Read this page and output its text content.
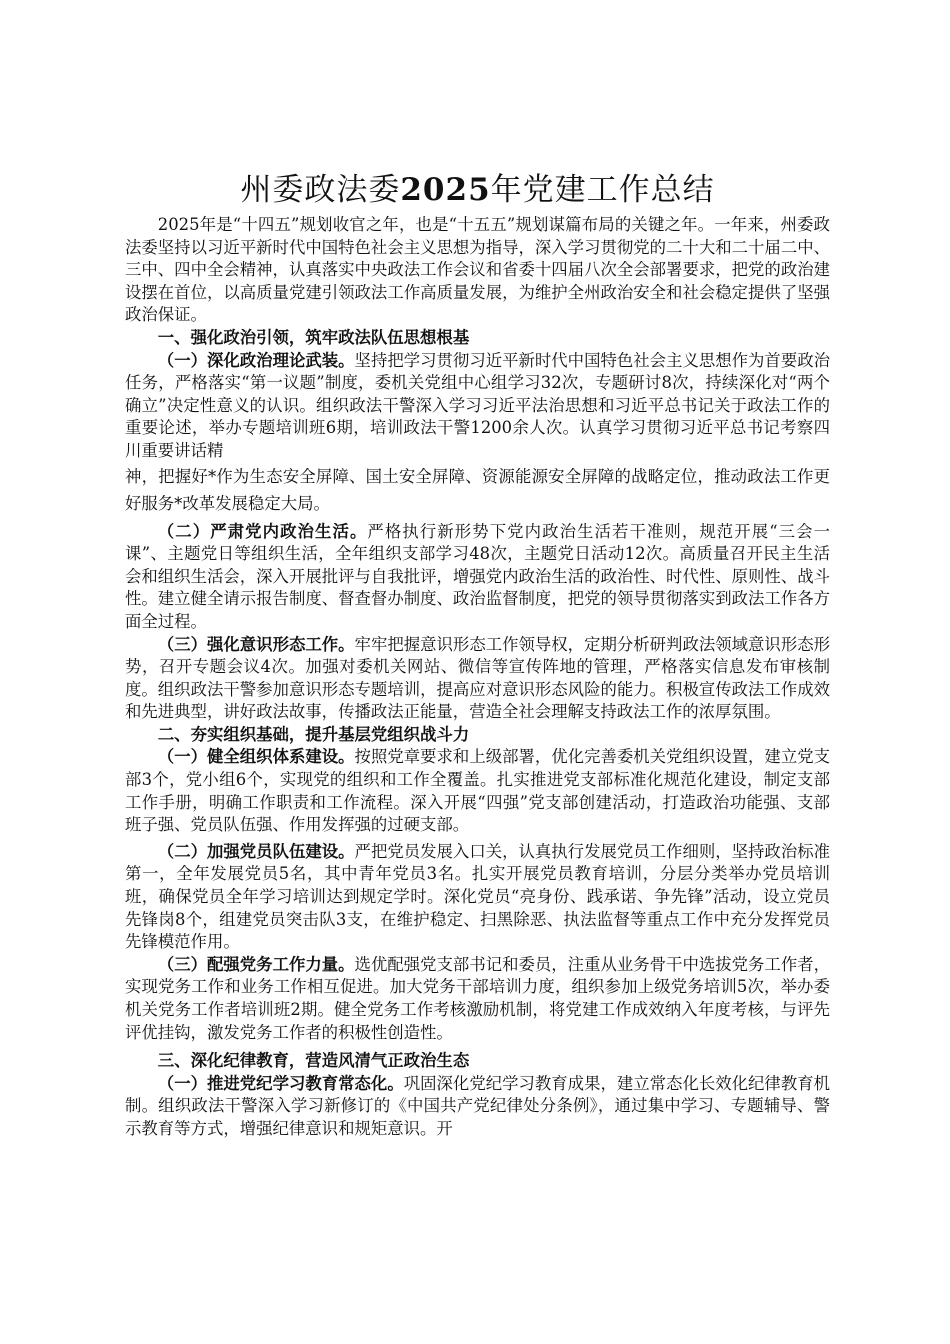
州委政法委2025年党建工作总结

2025年是“十四五”规划收官之年，也是“十五五”规划谋篇布局的关键之年。一年来，州委政法委坚持以习近平新时代中国特色社会主义思想为指导，深入学习贯彻党的二十大和二十届二中、三中、四中全会精神，认真落实中央政法工作会议和省委十四届八次全会部署要求，把党的政治建设摆在首位，以高质量党建引领政法工作高质量发展，为维护全州政治安全和社会稳定提供了坚强政治保证。

一、强化政治引领，筑牢政法队伍思想根基

（一）深化政治理论武装。坚持把学习贯彻习近平新时代中国特色社会主义思想作为首要政治任务，严格落实“第一议题”制度，委机关党组中心组学习32次，专题研讨8次，持续深化对“两个确立”决定性意义的认识。组织政法干警深入学习习近平法治思想和习近平总书记关于政法工作的重要论述，举办专题培训班6期，培训政法干警1200余人次。认真学习贯彻习近平总书记考察四川重要讲话精

神，把握好*作为生态安全屏障、国土安全屏障、资源能源安全屏障的战略定位，推动政法工作更好服务*改革发展稳定大局。

（二）严肃党内政治生活。严格执行新形势下党内政治生活若干准则，规范开展“三会一课”、主题党日等组织生活，全年组织支部学习48次，主题党日活动12次。高质量召开民主生活会和组织生活会，深入开展批评与自我批评，增强党内政治生活的政治性、时代性、原则性、战斗性。建立健全请示报告制度、督查督办制度、政治监督制度，把党的领导贯彻落实到政法工作各方面全过程。

（三）强化意识形态工作。牢牢把握意识形态工作领导权，定期分析研判政法领域意识形态形势，召开专题会议4次。加强对委机关网站、微信等宣传阵地的管理，严格落实信息发布审核制度。组织政法干警参加意识形态专题培训，提高应对意识形态风险的能力。积极宣传政法工作成效和先进典型，讲好政法故事，传播政法正能量，营造全社会理解支持政法工作的浓厚氛围。

二、夯实组织基础，提升基层党组织战斗力

（一）健全组织体系建设。按照党章要求和上级部署，优化完善委机关党组织设置，建立党支部3个，党小组6个，实现党的组织和工作全覆盖。扎实推进党支部标准化规范化建设，制定支部工作手册，明确工作职责和工作流程。深入开展“四强”党支部创建活动，打造政治功能强、支部班子强、党员队伍强、作用发挥强的过硬支部。

（二）加强党员队伍建设。严把党员发展入口关，认真执行发展党员工作细则，坚持政治标准第一，全年发展党员5名，其中青年党员3名。扎实开展党员教育培训，分层分类举办党员培训班，确保党员全年学习培训达到规定学时。深化党员“亮身份、践承诺、争先锋”活动，设立党员先锋岗8个，组建党员突击队3支，在维护稳定、扫黑除恶、执法监督等重点工作中充分发挥党员先锋模范作用。

（三）配强党务工作力量。选优配强党支部书记和委员，注重从业务骨干中选拔党务工作者，实现党务工作和业务工作相互促进。加大党务干部培训力度，组织参加上级党务培训5次，举办委机关党务工作者培训班2期。健全党务工作考核激励机制，将党建工作成效纳入年度考核，与评先评优挂钩，激发党务工作者的积极性创造性。

三、深化纪律教育，营造风清气正政治生态

（一）推进党纪学习教育常态化。巩固深化党纪学习教育成果，建立常态化长效化纪律教育机制。组织政法干警深入学习新修订的《中国共产党纪律处分条例》，通过集中学习、专题辅导、警示教育等方式，增强纪律意识和规矩意识。开
